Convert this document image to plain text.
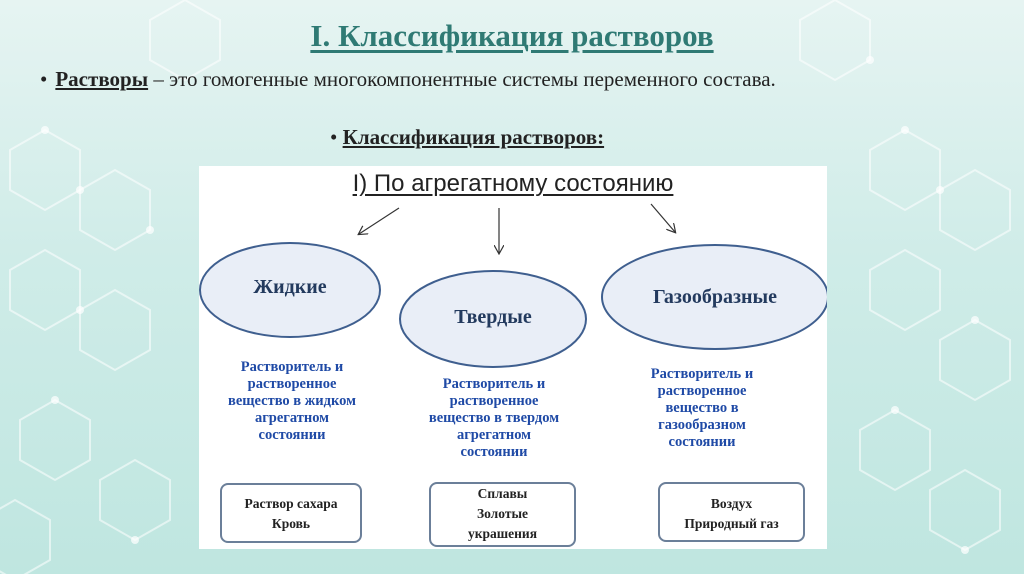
I. Классификация растворов
• Растворы – это гомогенные многокомпонентные системы переменного состава.
• Классификация растворов:
I) По агрегатному состоянию
Жидкие
Твердые
Газообразные
Растворитель и
растворенное
вещество в жидком
агрегатном
состоянии
Растворитель и
растворенное
вещество в твердом
агрегатном
состоянии
Растворитель и
растворенное
вещество в
газообразном
состоянии
Раствор сахара
Кровь
Сплавы
Золотые
украшения
Воздух
Природный газ
